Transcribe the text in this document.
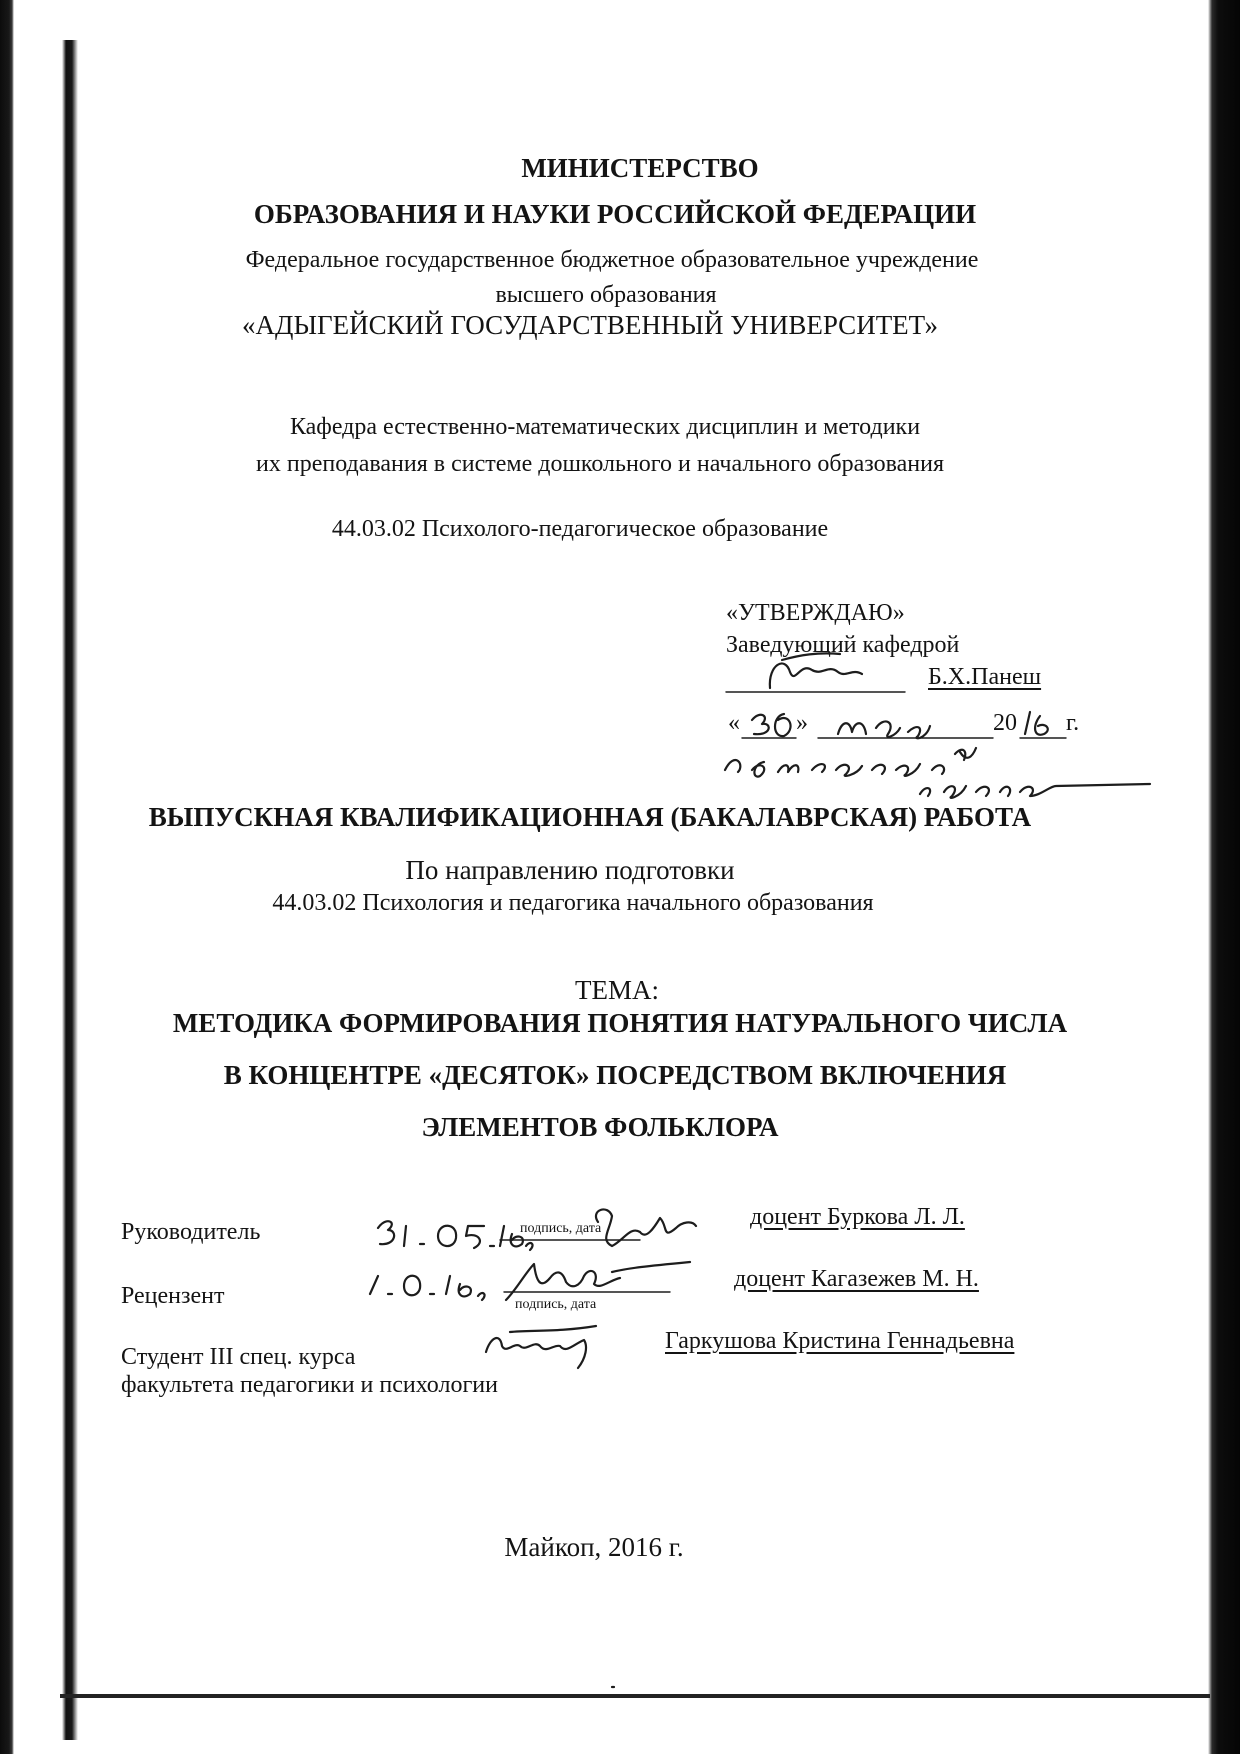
МИНИСТЕРСТВО
ОБРАЗОВАНИЯ И НАУКИ РОССИЙСКОЙ ФЕДЕРАЦИИ
Федеральное государственное бюджетное образовательное учреждение
высшего образования
«АДЫГЕЙСКИЙ ГОСУДАРСТВЕННЫЙ УНИВЕРСИТЕТ»
Кафедра естественно-математических дисциплин и методики
их преподавания в системе дошкольного и начального образования
44.03.02 Психолого-педагогическое образование
«УТВЕРЖДАЮ»
Заведующий кафедрой
Б.Х.Панеш
« »	20 г.
ВЫПУСКНАЯ КВАЛИФИКАЦИОННАЯ (БАКАЛАВРСКАЯ) РАБОТА
По направлению подготовки
44.03.02 Психология и педагогика начального образования
ТЕМА:
МЕТОДИКА ФОРМИРОВАНИЯ ПОНЯТИЯ НАТУРАЛЬНОГО ЧИСЛА
В КОНЦЕНТРЕ «ДЕСЯТОК» ПОСРЕДСТВОМ ВКЛЮЧЕНИЯ
ЭЛЕМЕНТОВ ФОЛЬКЛОРА
Руководитель
доцент Буркова Л. Л.
подпись, дата
Рецензент
доцент Кагазежев М. Н.
подпись, дата
Студент III спец. курса
факультета педагогики и психологии
Гаркушова Кристина Геннадьевна
Майкоп, 2016 г.
